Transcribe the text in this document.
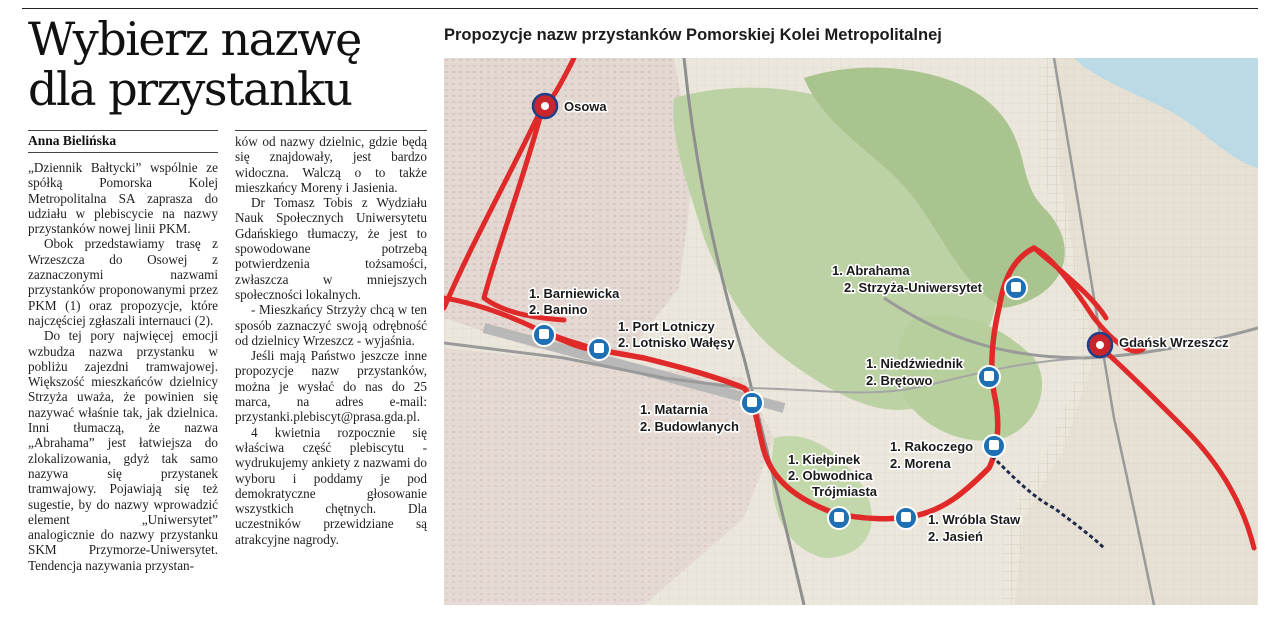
Wybierz nazwę
dla przystanku
Anna Bielińska

„Dziennik Bałtycki” wspólnie ze spółką Pomorska Kolej Metropolitalna SA zaprasza do udziału w plebiscycie na nazwy przystanków nowej linii PKM.

Obok przedstawiamy trasę z Wrzeszcza do Osowej z zaznaczonymi nazwami przystanków proponowanymi przez PKM (1) oraz propozycje, które najczęściej zgłaszali internauci (2).

Do tej pory najwięcej emocji wzbudza nazwa przystanku w pobliżu zajezdni tramwajowej. Większość mieszkańców dzielnicy Strzyża uważa, że powinien się nazywać właśnie tak, jak dzielnica. Inni tłumaczą, że nazwa „Abrahama” jest łatwiejsza do zlokalizowania, gdyż tak samo nazywa się przystanek tramwajowy. Pojawiają się też sugestie, by do nazwy wprowadzić element „Uniwersytet” analogicznie do nazwy przystanku SKM Przymorze-Uniwersytet. Tendencja nazywania przystan-

ków od nazwy dzielnic, gdzie będą się znajdowały, jest bardzo widoczna. Walczą o to także mieszkańcy Moreny i Jasienia.

Dr Tomasz Tobis z Wydziału Nauk Społecznych Uniwersytetu Gdańskiego tłumaczy, że jest to spowodowane potrzebą potwierdzenia tożsamości, zwłaszcza w mniejszych społeczności lokalnych.

- Mieszkańcy Strzyży chcą w ten sposób zaznaczyć swoją odrębność od dzielnicy Wrzeszcz - wyjaśnia.

Jeśli mają Państwo jeszcze inne propozycje nazw przystanków, można je wysłać do nas do 25 marca, na adres e-mail: przystanki.plebiscyt@prasa.gda.pl.

4 kwietnia rozpocznie się właściwa część plebiscytu - wydrukujemy ankiety z nazwami do wyboru i poddamy je pod demokratyczne głosowanie wszystkich chętnych. Dla uczestników przewidziane są atrakcyjne nagrody.

Propozycje nazw przystanków Pomorskiej Kolei Metropolitalnej
Osowa
Gdańsk Wrzeszcz
1. Barniewicka
2. Banino
1. Port Lotniczy
2. Lotnisko Wałęsy
1. Matarnia
2. Budowlanych
1. Kiełpinek
2. Obwodnica
Trójmiasta
1. Wróbla Staw
2. Jasień
1. Rakoczego
2. Morena
1. Niedźwiednik
2. Brętowo
1. Abrahama
2. Strzyża-Uniwersytet
